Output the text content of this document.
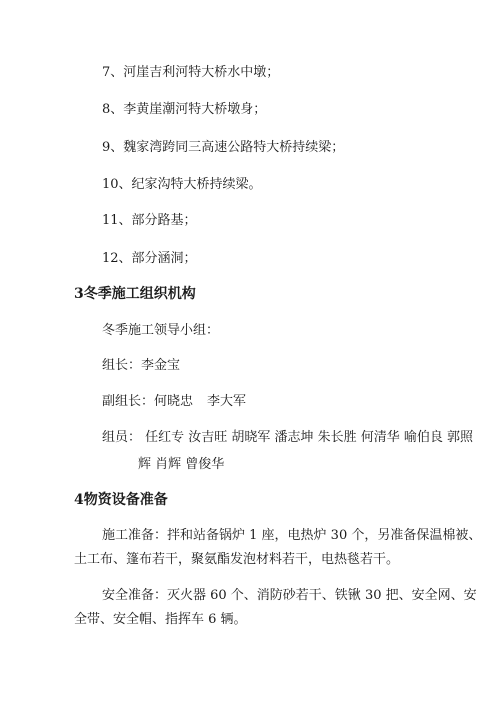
7、河崖吉利河特大桥水中墩；
8、李黄崖潮河特大桥墩身；
9、魏家湾跨同三高速公路特大桥持续梁；
10、纪家沟特大桥持续梁。
11、部分路基；
12、部分涵洞；
3冬季施工组织机构
冬季施工领导小组：
组长：李金宝
副组长：何晓忠 李大军
组员： 任红专 汝吉旺 胡晓军 潘志坤 朱长胜 何清华 喻伯良 郭照
辉 肖辉 曾俊华
4物资设备准备
施工准备：拌和站备锅炉 1 座，电热炉 30 个，另准备保温棉被、
土工布、篷布若干，聚氨酯发泡材料若干，电热毯若干。
安全准备：灭火器 60 个、消防砂若干、铁锹 30 把、安全网、安
全带、安全帽、指挥车 6 辆。
